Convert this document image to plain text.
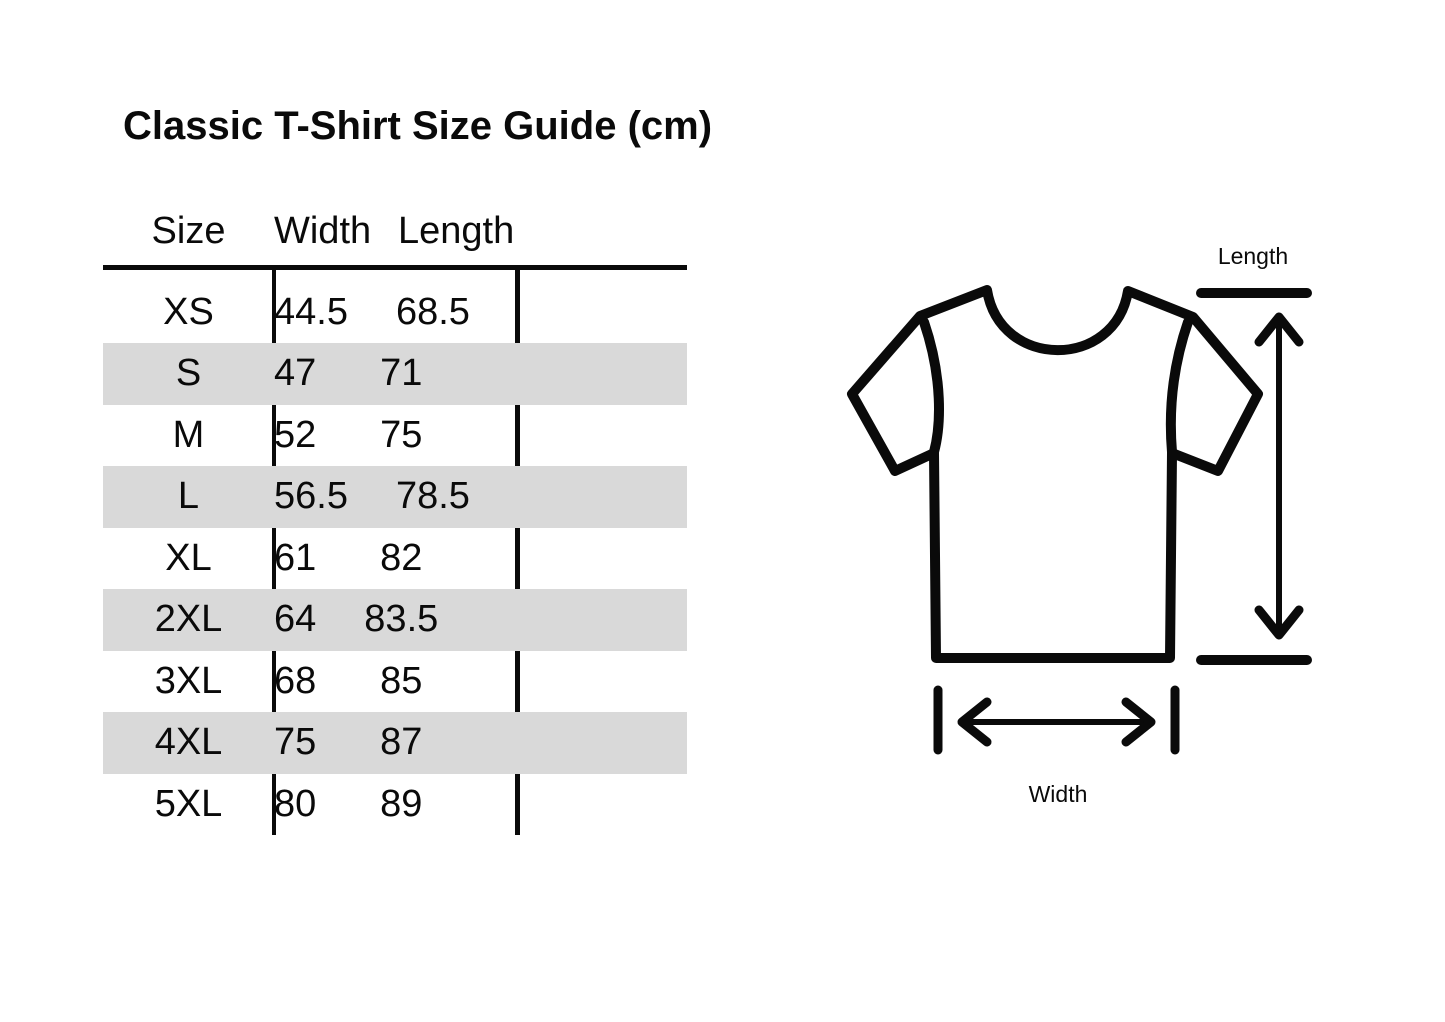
Classic T-Shirt Size Guide (cm)
Size	Width Length
XS	44.5	68.5
S	47	71
M	52	75
L	56.5	78.5
XL	61	82
2XL	64	83.5
3XL	68	85
4XL	75	87
5XL	80	89
Length
Width
